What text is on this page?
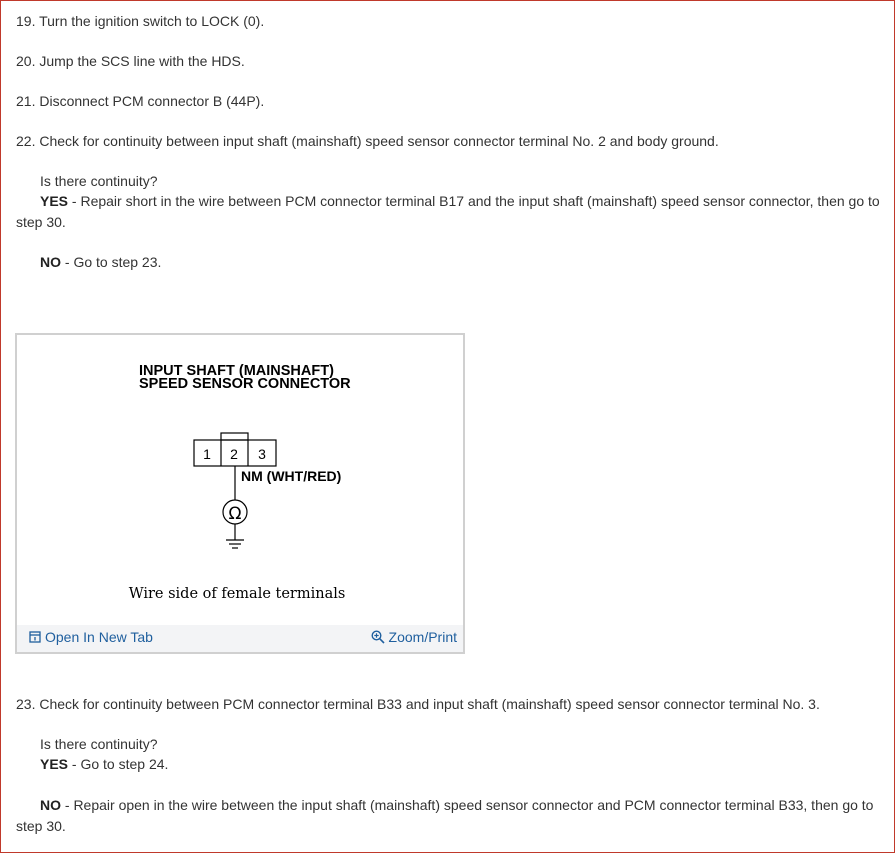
19. Turn the ignition switch to LOCK (0).
20. Jump the SCS line with the HDS.
21. Disconnect PCM connector B (44P).
22. Check for continuity between input shaft (mainshaft) speed sensor connector terminal No. 2 and body ground.
Is there continuity?
YES - Repair short in the wire between PCM connector terminal B17 and the input shaft (mainshaft) speed sensor connector, then go to step 30.
NO - Go to step 23.
INPUT SHAFT (MAINSHAFT)
SPEED SENSOR CONNECTOR
1 2 3
NM (WHT/RED)
Ω
Wire side of female terminals
Open In New Tab	Zoom/Print
23. Check for continuity between PCM connector terminal B33 and input shaft (mainshaft) speed sensor connector terminal No. 3.
Is there continuity?
YES - Go to step 24.
NO - Repair open in the wire between the input shaft (mainshaft) speed sensor connector and PCM connector terminal B33, then go to step 30.
